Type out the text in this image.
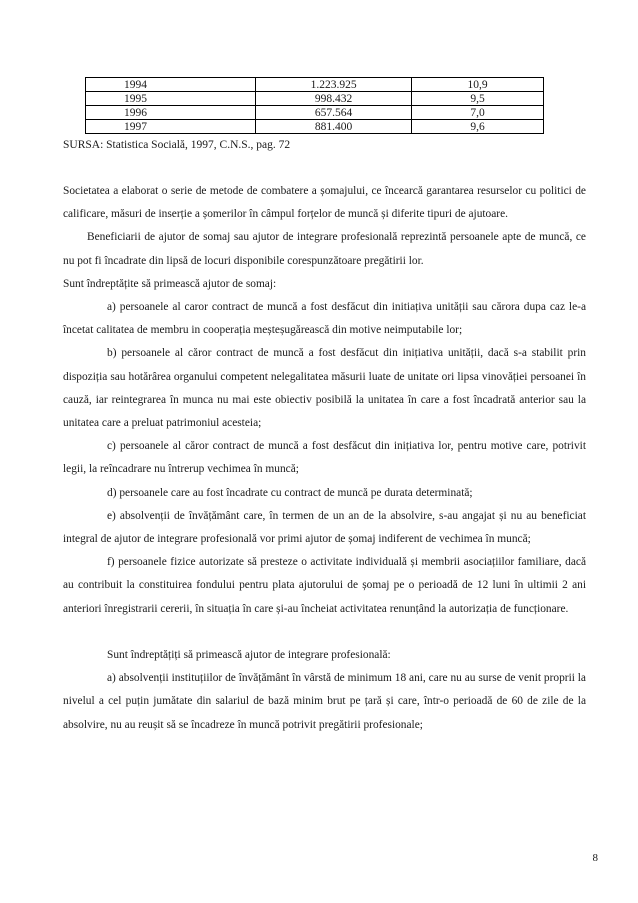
1994	1.223.925	10,9
1995	998.432	9,5
1996	657.564	7,0
1997	881.400	9,6
SURSA: Statistica Socială, 1997, C.N.S., pag. 72

Societatea a elaborat o serie de metode de combatere a șomajului, ce încearcă garantarea resurselor cu politici de calificare, măsuri de inserție a șomerilor în câmpul forțelor de muncă și diferite tipuri de ajutoare.

Beneficiarii de ajutor de somaj sau ajutor de integrare profesională reprezintă persoanele apte de muncă, ce nu pot fi încadrate din lipsă de locuri disponibile corespunzătoare pregătirii lor.

Sunt îndreptățite să primească ajutor de somaj:

a) persoanele al caror contract de muncă a fost desfăcut din initiațiva unității sau cărora dupa caz le-a încetat calitatea de membru in cooperația meșteșugărească din motive neimputabile lor;

b) persoanele al căror contract de muncă a fost desfăcut din inițiativa unității, dacă s-a stabilit prin dispoziția sau hotărârea organului competent nelegalitatea măsurii luate de unitate ori lipsa vinovăției persoanei în cauză, iar reintegrarea în munca nu mai este obiectiv posibilă la unitatea în care a fost încadrată anterior sau la unitatea care a preluat patrimoniul acesteia;

c) persoanele al căror contract de muncă a fost desfăcut din inițiativa lor, pentru motive care, potrivit legii, la reîncadrare nu întrerup vechimea în muncă;

d) persoanele care au fost încadrate cu contract de muncă pe durata determinată;

e) absolvenții de învățământ care, în termen de un an de la absolvire, s-au angajat și nu au beneficiat integral de ajutor de integrare profesională vor primi ajutor de șomaj indiferent de vechimea în muncă;

f) persoanele fizice autorizate să presteze o activitate individuală și membrii asociațiilor familiare, dacă au contribuit la constituirea fondului pentru plata ajutorului de șomaj pe o perioadă de 12 luni în ultimii 2 ani anteriori înregistrarii cererii, în situația în care și-au încheiat activitatea renunțând la autorizația de funcționare.

Sunt îndreptățiți să primească ajutor de integrare profesională:

a) absolvenții instituțiilor de învățământ în vârstă de minimum 18 ani, care nu au surse de venit proprii la nivelul a cel puțin jumătate din salariul de bază minim brut pe țară și care, într-o perioadă de 60 de zile de la absolvire, nu au reușit să se încadreze în muncă potrivit pregătirii profesionale;

8
